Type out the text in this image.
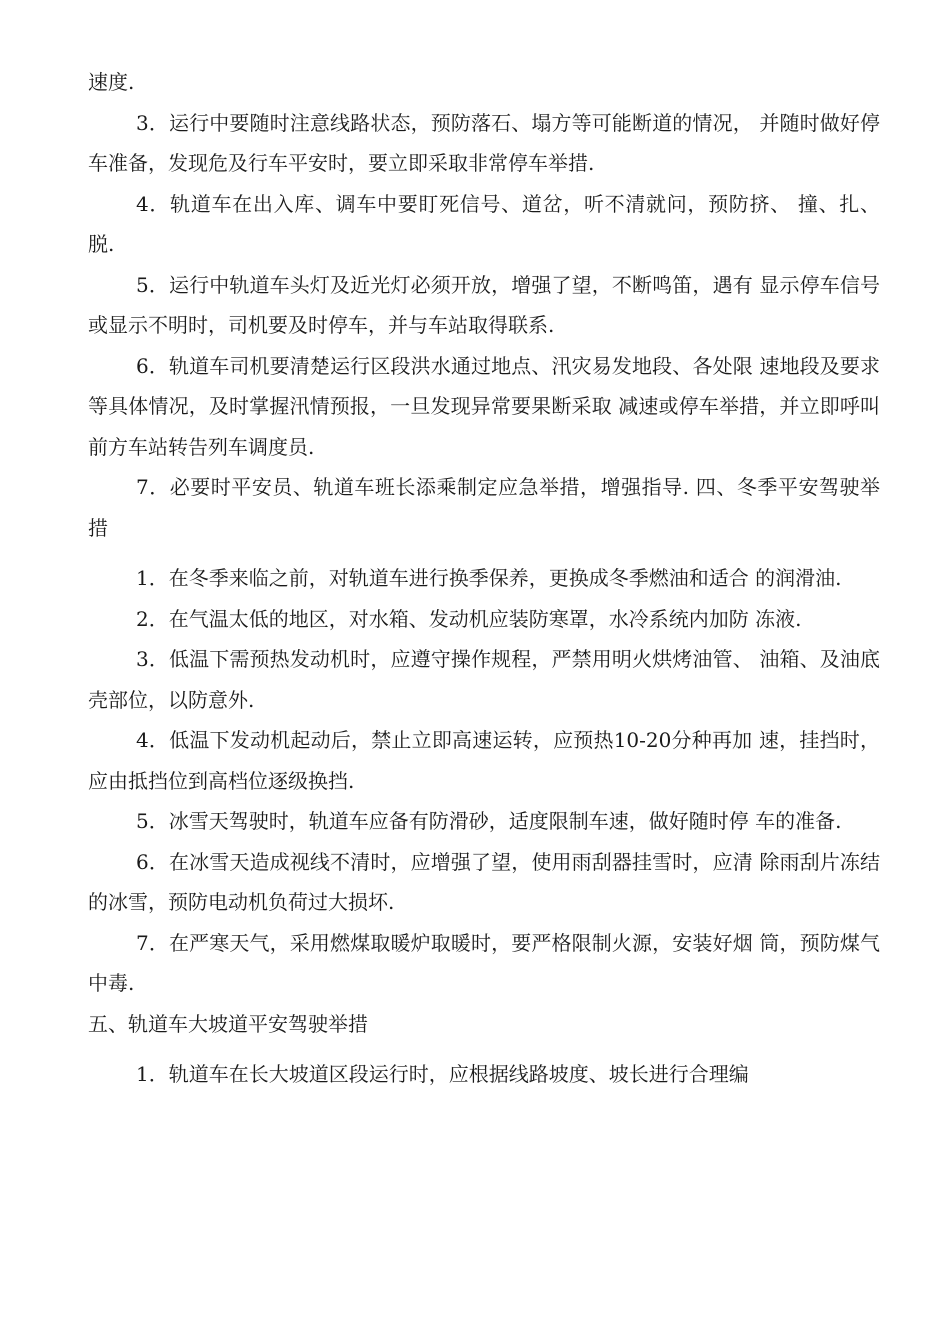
速度.

3．运行中要随时注意线路状态，预防落石、塌方等可能断道的情况， 并随时做好停车准备，发现危及行车平安时，要立即采取非常停车举措.

4．轨道车在出入库、调车中要盯死信号、道岔，听不清就问，预防挤、 撞、扎、脱.

5．运行中轨道车头灯及近光灯必须开放，增强了望，不断鸣笛，遇有 显示停车信号或显示不明时，司机要及时停车，并与车站取得联系.

6．轨道车司机要清楚运行区段洪水通过地点、汛灾易发地段、各处限 速地段及要求等具体情况，及时掌握汛情预报，一旦发现异常要果断采取 减速或停车举措，并立即呼叫前方车站转告列车调度员.

7．必要时平安员、轨道车班长添乘制定应急举措，增强指导. 四、冬季平安驾驶举措

1．在冬季来临之前，对轨道车进行换季保养，更换成冬季燃油和适合 的润滑油.

2．在气温太低的地区，对水箱、发动机应装防寒罩，水冷系统内加防 冻液.

3．低温下需预热发动机时，应遵守操作规程，严禁用明火烘烤油管、 油箱、及油底壳部位，以防意外.

4．低温下发动机起动后，禁止立即高速运转，应预热10-20分种再加 速，挂挡时，应由抵挡位到高档位逐级换挡.

5．冰雪天驾驶时，轨道车应备有防滑砂，适度限制车速，做好随时停 车的准备.

6．在冰雪天造成视线不清时，应增强了望，使用雨刮器挂雪时，应清 除雨刮片冻结的冰雪，预防电动机负荷过大损坏.

7．在严寒天气，采用燃煤取暖炉取暖时，要严格限制火源，安装好烟 筒，预防煤气中毒.

五、轨道车大坡道平安驾驶举措

1．轨道车在长大坡道区段运行时，应根据线路坡度、坡长进行合理编
